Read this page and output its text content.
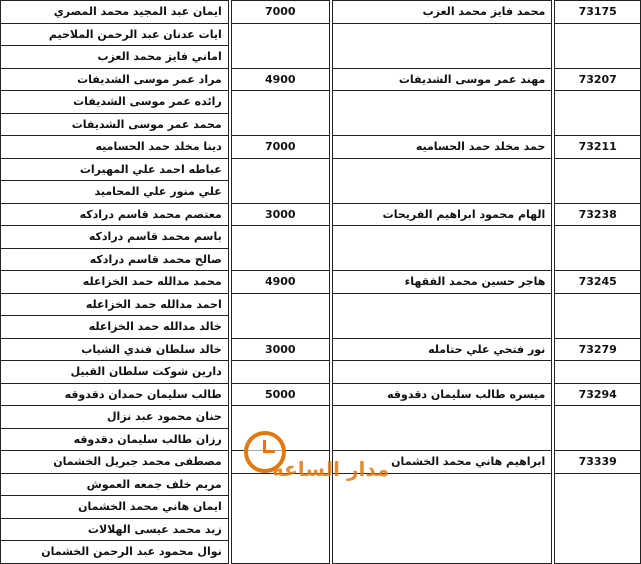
ايمان عبد المجيد محمد المصري		7000		محمد فايز محمد العزب		73175
ايات عدنان عبد الرحمن الملاحيم						
اماني فايز محمد العزب						
مراد عمر موسى الشديفات		4900		مهند عمر موسى الشديفات		73207
رائده عمر موسى الشديفات						
محمد عمر موسى الشديفات						
دينا مخلد حمد الحساميه		7000		حمد مخلد حمد الحساميه		73211
عباطه احمد علي المهيرات						
علي منور علي المحاميد						
معتصم محمد قاسم درادكه		3000		الهام محمود ابراهيم الفريحات		73238
باسم محمد قاسم درادكه						
صالح محمد قاسم درادكه						
محمد مدالله حمد الخزاعله		4900		هاجر حسين محمد الفقهاء		73245
احمد مدالله حمد الخزاعله						
خالد مدالله حمد الخزاعله						
خالد سلطان فندي الشياب		3000		نور فتحي علي حتامله		73279
دارين شوكت سلطان القبيل						
طالب سليمان حمدان دقدوقه		5000		ميسره طالب سليمان دقدوقه		73294
حنان محمود عبد نزال						
رزان طالب سليمان دقدوقه						
مصطفى محمد جبريل الخشمان				ابراهيم هاني محمد الخشمان		73339
مريم خلف جمعه العموش						
ايمان هاني محمد الخشمان						
زيد محمد عيسى الهلالات						
نوال محمود عبد الرحمن الخشمان						
مدار الساعة
